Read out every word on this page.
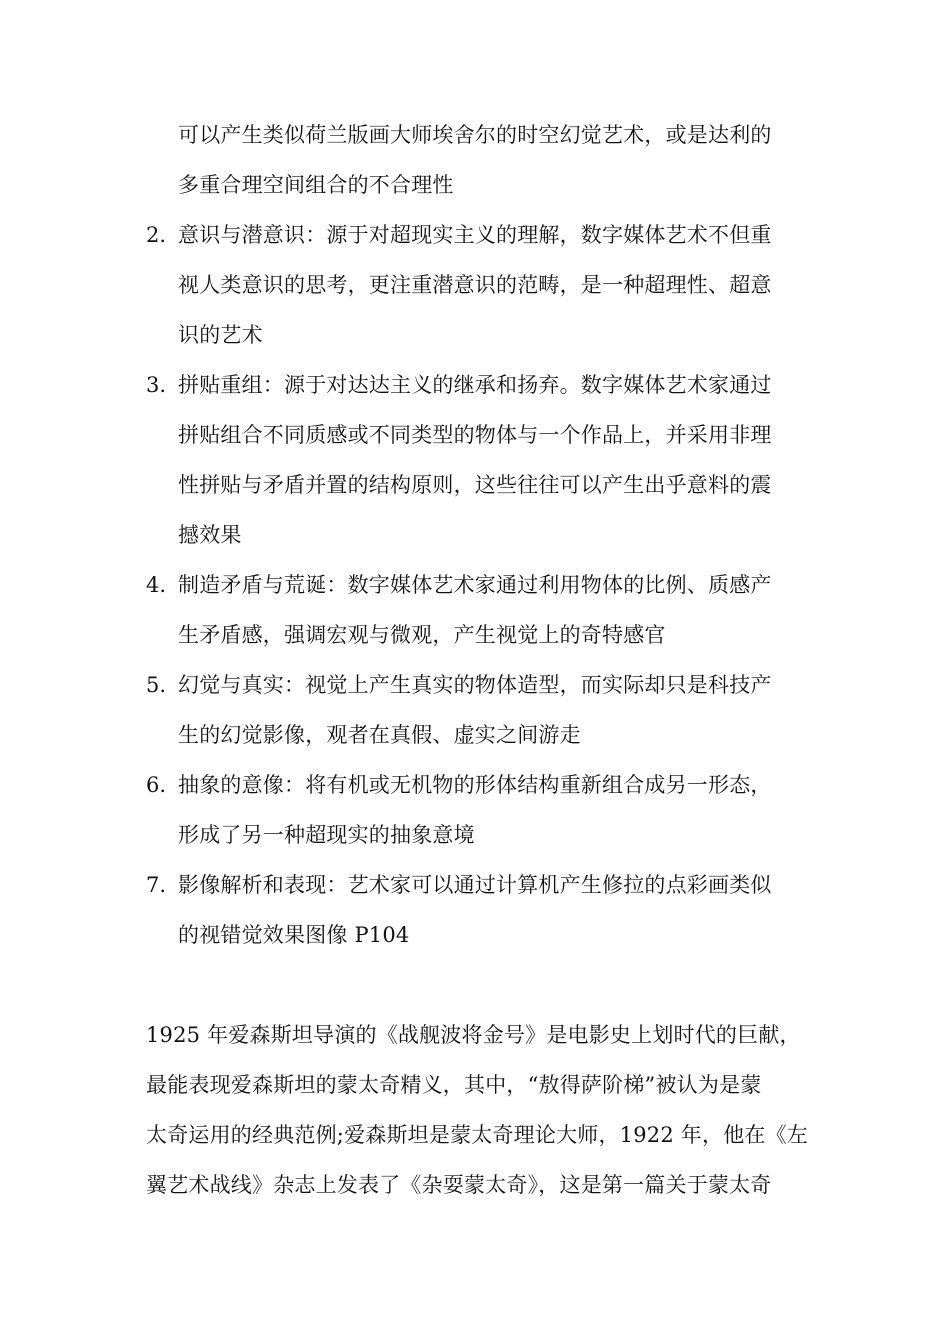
可以产生类似荷兰版画大师埃舍尔的时空幻觉艺术，或是达利的
多重合理空间组合的不合理性
2. 意识与潜意识：源于对超现实主义的理解，数字媒体艺术不但重
视人类意识的思考，更注重潜意识的范畴，是一种超理性、超意
识的艺术
3. 拼贴重组：源于对达达主义的继承和扬弃。数字媒体艺术家通过
拼贴组合不同质感或不同类型的物体与一个作品上，并采用非理
性拼贴与矛盾并置的结构原则，这些往往可以产生出乎意料的震
撼效果
4. 制造矛盾与荒诞：数字媒体艺术家通过利用物体的比例、质感产
生矛盾感，强调宏观与微观，产生视觉上的奇特感官
5. 幻觉与真实：视觉上产生真实的物体造型，而实际却只是科技产
生的幻觉影像，观者在真假、虚实之间游走
6. 抽象的意像：将有机或无机物的形体结构重新组合成另一形态，
形成了另一种超现实的抽象意境
7. 影像解析和表现：艺术家可以通过计算机产生修拉的点彩画类似
的视错觉效果图像 P104
1925 年爱森斯坦导演的《战舰波将金号》是电影史上划时代的巨献，
最能表现爱森斯坦的蒙太奇精义，其中，“敖得萨阶梯”被认为是蒙
太奇运用的经典范例;爱森斯坦是蒙太奇理论大师，1922 年，他在《左
翼艺术战线》杂志上发表了《杂耍蒙太奇》，这是第一篇关于蒙太奇
